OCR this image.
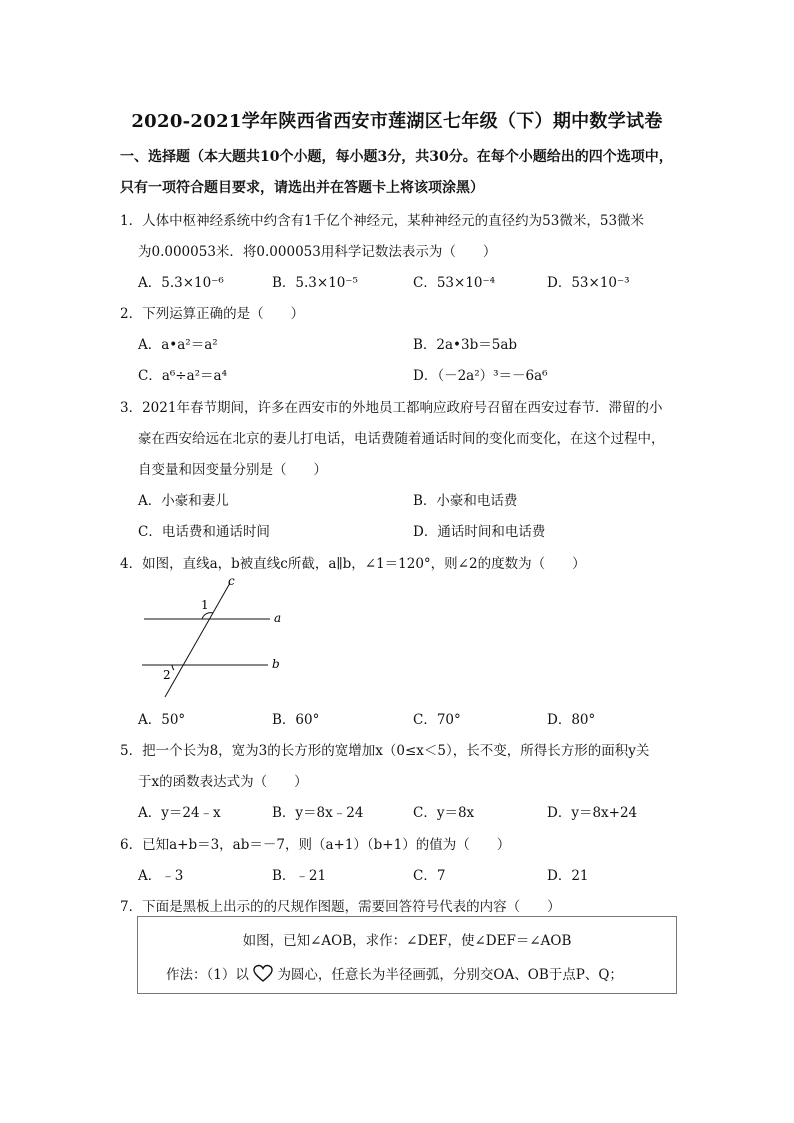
2020-2021学年陕西省西安市莲湖区七年级（下）期中数学试卷
一、选择题（本大题共10个小题，每小题3分，共30分。在每个小题给出的四个选项中，
只有一项符合题目要求，请选出并在答题卡上将该项涂黑）
1．人体中枢神经系统中约含有1千亿个神经元，某种神经元的直径约为53微米，53微米
为0.000053米．将0.000053用科学记数法表示为（　　）
A．5.3×10⁻⁶	B．5.3×10⁻⁵	C．53×10⁻⁴	D．53×10⁻³
2．下列运算正确的是（　　）
A．a•a²＝a²	B．2a•3b＝5ab
C．a⁶÷a²＝a⁴	D．（－2a²）³＝－6a⁶
3．2021年春节期间，许多在西安市的外地员工都响应政府号召留在西安过春节．滞留的小
豪在西安给远在北京的妻儿打电话，电话费随着通话时间的变化而变化，在这个过程中，
自变量和因变量分别是（　　）
A．小豪和妻儿	B．小豪和电话费
C．电话费和通话时间	D．通话时间和电话费
4．如图，直线a，b被直线c所截，a∥b，∠1＝120°，则∠2的度数为（　　）
c
a
b
1
2
A．50°	B．60°	C．70°	D．80°
5．把一个长为8，宽为3的长方形的宽增加x（0≤x＜5），长不变，所得长方形的面积y关
于x的函数表达式为（　　）
A．y＝24﹣x	B．y＝8x﹣24	C．y＝8x	D．y＝8x+24
6．已知a+b＝3，ab＝－7，则（a+1）（b+1）的值为（　　）
A．﹣3	B．﹣21	C．7	D．21
7．下面是黑板上出示的的尺规作图题，需要回答符号代表的内容（　　）
如图，已知∠AOB，求作：∠DEF，使∠DEF＝∠AOB
作法：（1）以 为圆心，任意长为半径画弧，分别交OA、OB于点P、Q；
